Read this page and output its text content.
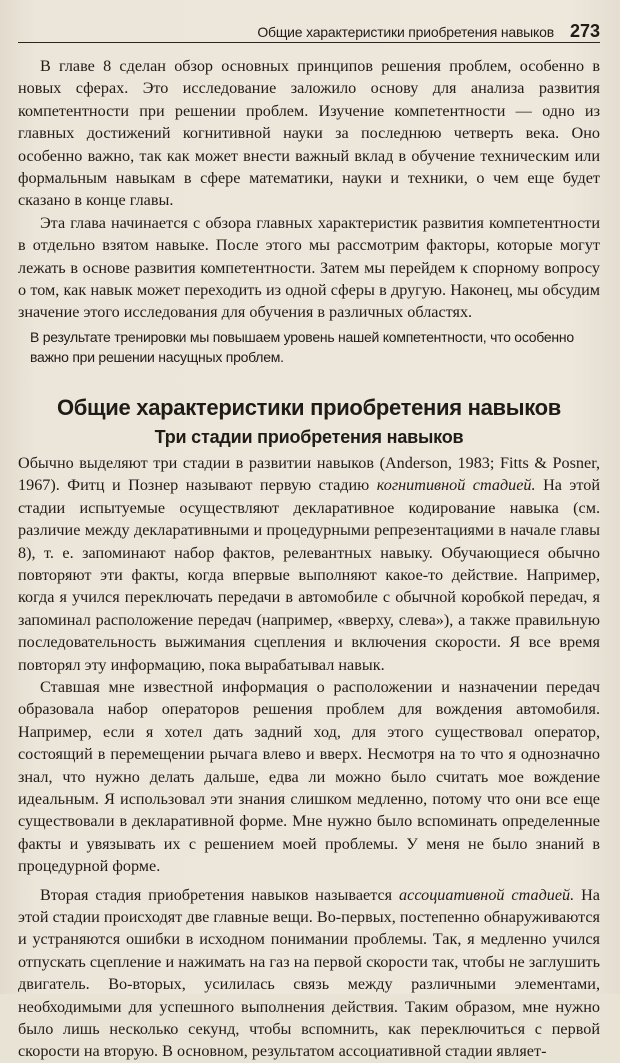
Общие характеристики приобретения навыков 273

В главе 8 сделан обзор основных принципов решения проблем, особенно в новых сферах. Это исследование заложило основу для анализа развития компетентности при решении проблем. Изучение компетентности — одно из главных достижений когнитивной науки за последнюю четверть века. Оно особенно важно, так как может внести важный вклад в обучение техническим или формальным навыкам в сфере математики, науки и техники, о чем еще будет сказано в конце главы.

Эта глава начинается с обзора главных характеристик развития компетентности в отдельно взятом навыке. После этого мы рассмотрим факторы, которые могут лежать в основе развития компетентности. Затем мы перейдем к спорному вопросу о том, как навык может переходить из одной сферы в другую. Наконец, мы обсудим значение этого исследования для обучения в различных областях.

В результате тренировки мы повышаем уровень нашей компетентности, что особенно важно при решении насущных проблем.

Общие характеристики приобретения навыков
Три стадии приобретения навыков

Обычно выделяют три стадии в развитии навыков (Anderson, 1983; Fitts & Posner, 1967). Фитц и Познер называют первую стадию когнитивной стадией. На этой стадии испытуемые осуществляют декларативное кодирование навыка (см. различие между декларативными и процедурными репрезентациями в начале главы 8), т. е. запоминают набор фактов, релевантных навыку. Обучающиеся обычно повторяют эти факты, когда впервые выполняют какое-то действие. Например, когда я учился переключать передачи в автомобиле с обычной коробкой передач, я запоминал расположение передач (например, «вверху, слева»), а также правильную последовательность выжимания сцепления и включения скорости. Я все время повторял эту информацию, пока вырабатывал навык.

Ставшая мне известной информация о расположении и назначении передач образовала набор операторов решения проблем для вождения автомобиля. Например, если я хотел дать задний ход, для этого существовал оператор, состоящий в перемещении рычага влево и вверх. Несмотря на то что я однозначно знал, что нужно делать дальше, едва ли можно было считать мое вождение идеальным. Я использовал эти знания слишком медленно, потому что они все еще существовали в декларативной форме. Мне нужно было вспоминать определенные факты и увязывать их с решением моей проблемы. У меня не было знаний в процедурной форме.

Вторая стадия приобретения навыков называется ассоциативной стадией. На этой стадии происходят две главные вещи. Во-первых, постепенно обнаруживаются и устраняются ошибки в исходном понимании проблемы. Так, я медленно учился отпускать сцепление и нажимать на газ на первой скорости так, чтобы не заглушить двигатель. Во-вторых, усилилась связь между различными элементами, необходимыми для успешного выполнения действия. Таким образом, мне нужно было лишь несколько секунд, чтобы вспомнить, как переключиться с первой скорости на вторую. В основном, результатом ассоциативной стадии являет-
